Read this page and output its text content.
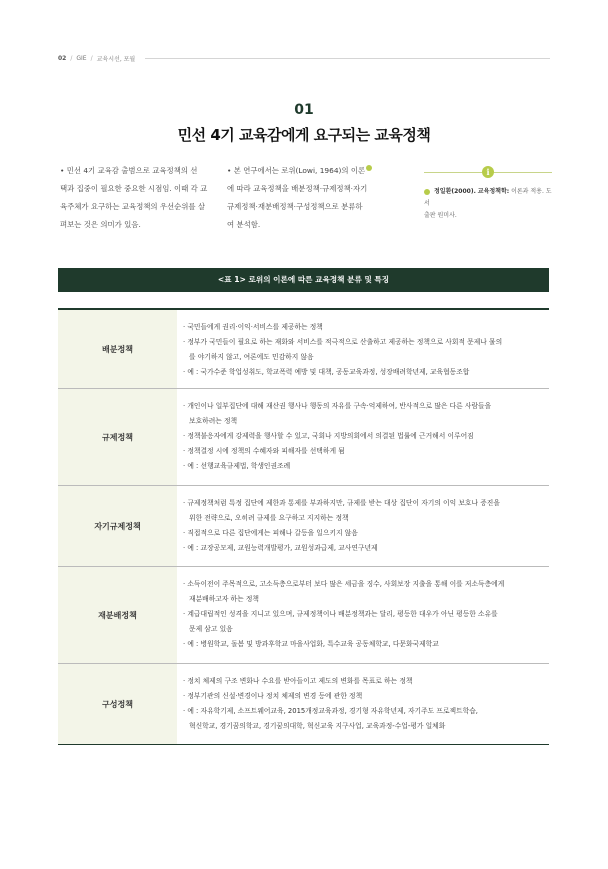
02 / GIE / 교육시선, 포월
01
민선 4기 교육감에게 요구되는 교육정책
• 민선 4기 교육감 출범으로 교육정책의 선
택과 집중이 필요한 중요한 시점임. 이때 각 교
육주체가 요구하는 교육정책의 우선순위를 살
펴보는 것은 의미가 있음.
• 본 연구에서는 로위(Lowi, 1964)의 이론
에 따라 교육정책을 배분정책·규제정책·자기
규제정책·재분배정책·구성정책으로 분류하
여 분석함.
i
정일환(2000). 교육정책학: 이론과 적용. 도서
출판 원미사.
<표 1> 로위의 이론에 따른 교육정책 분류 및 특징
배분정책
· 국민들에게 권리·이익·서비스를 제공하는 정책
· 정부가 국민들이 필요로 하는 재화와 서비스를 적극적으로 산출하고 제공하는 정책으로 사회적 문제나 물의
를 야기하지 않고, 여론에도 민감하지 않음
· 예 : 국가수준 학업성취도, 학교폭력 예방 및 대책, 공동교육과정, 성장배려학년제, 교육협동조합
규제정책
· 개인이나 일부집단에 대해 재산권 행사나 행동의 자유를 구속·억제하여, 반사적으로 많은 다른 사람들을
보호하려는 정책
· 정책불응자에게 강제력을 행사할 수 있고, 국회나 지방의회에서 의결된 법률에 근거해서 이루어짐
· 정책결정 시에 정책의 수혜자와 피해자를 선택하게 됨
· 예 : 선행교육규제법, 학생인권조례
자기규제정책
· 규제정책처럼 특정 집단에 제한과 통제를 부과하지만, 규제를 받는 대상 집단이 자기의 이익 보호나 증진을
위한 전략으로, 오히려 규제를 요구하고 지지하는 정책
· 직접적으로 다른 집단에게는 피해나 갈등을 일으키지 않음
· 예 : 교장공모제, 교원능력개발평가, 교원성과급제, 교사연구년제
재분배정책
· 소득이전이 주목적으로, 고소득층으로부터 보다 많은 세금을 징수, 사회보장 지출을 통해 이를 저소득층에게
재분배하고자 하는 정책
· 계급대립적인 성격을 지니고 있으며, 규제정책이나 배분정책과는 달리, 평등한 대우가 아닌 평등한 소유를
문제 삼고 있음
· 예 : 병원학교, 돌봄 및 방과후학교 마을사업화, 특수교육 공동체학교, 다문화국제학교
구성정책
· 정치 체제의 구조 변화나 수요를 받아들이고 제도의 변화를 목표로 하는 정책
· 정부기관의 신설·변경이나 정치 체제의 변경 등에 관한 정책
· 예 : 자유학기제, 소프트웨어교육, 2015개정교육과정, 경기형 자유학년제, 자기주도 프로젝트학습,
혁신학교, 경기꿈의학교, 경기꿈의대학, 혁신교육 지구사업, 교육과정-수업-평가 일체화
